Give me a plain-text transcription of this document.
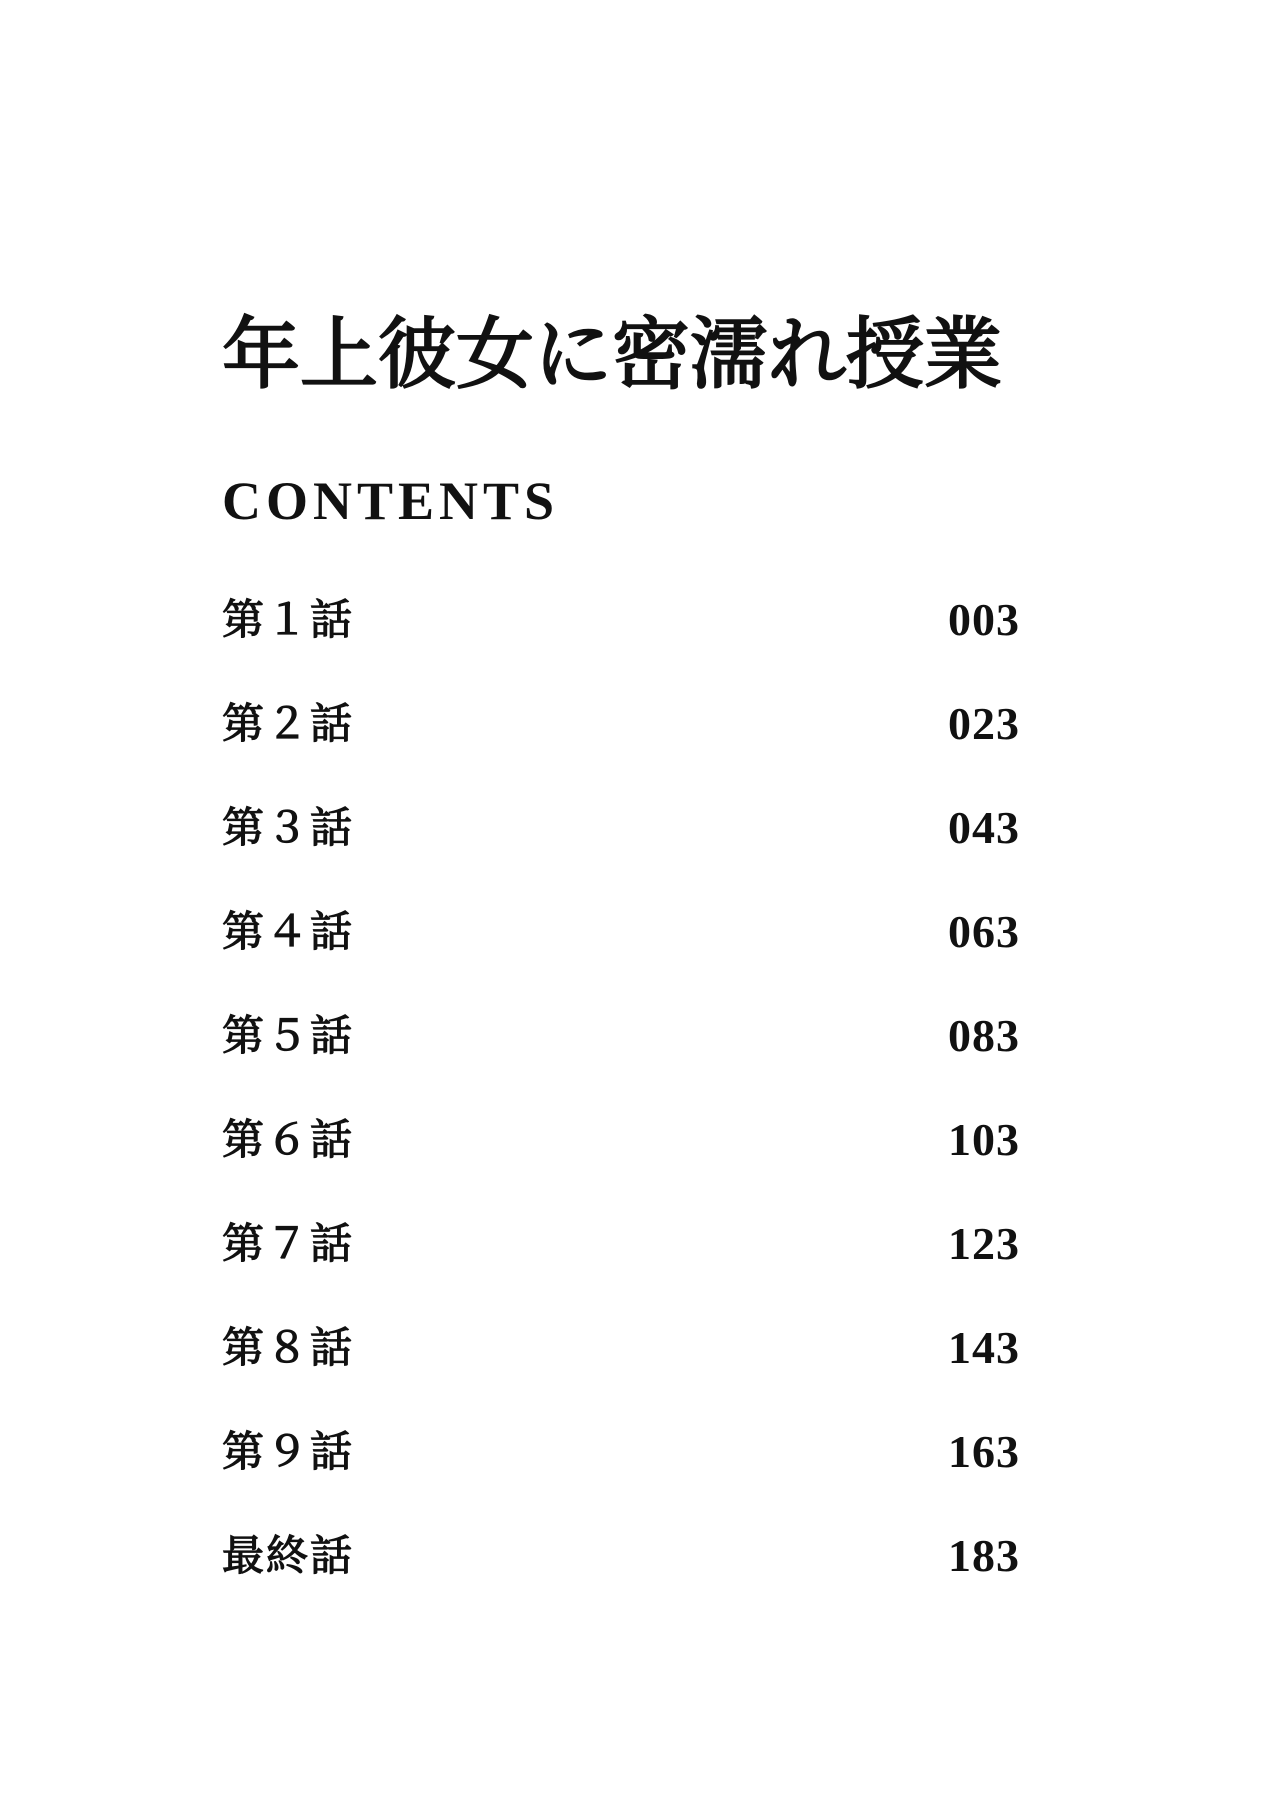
年上彼女に密濡れ授業
CONTENTS
第１話	003
第２話	023
第３話	043
第４話	063
第５話	083
第６話	103
第７話	123
第８話	143
第９話	163
最終話	183
